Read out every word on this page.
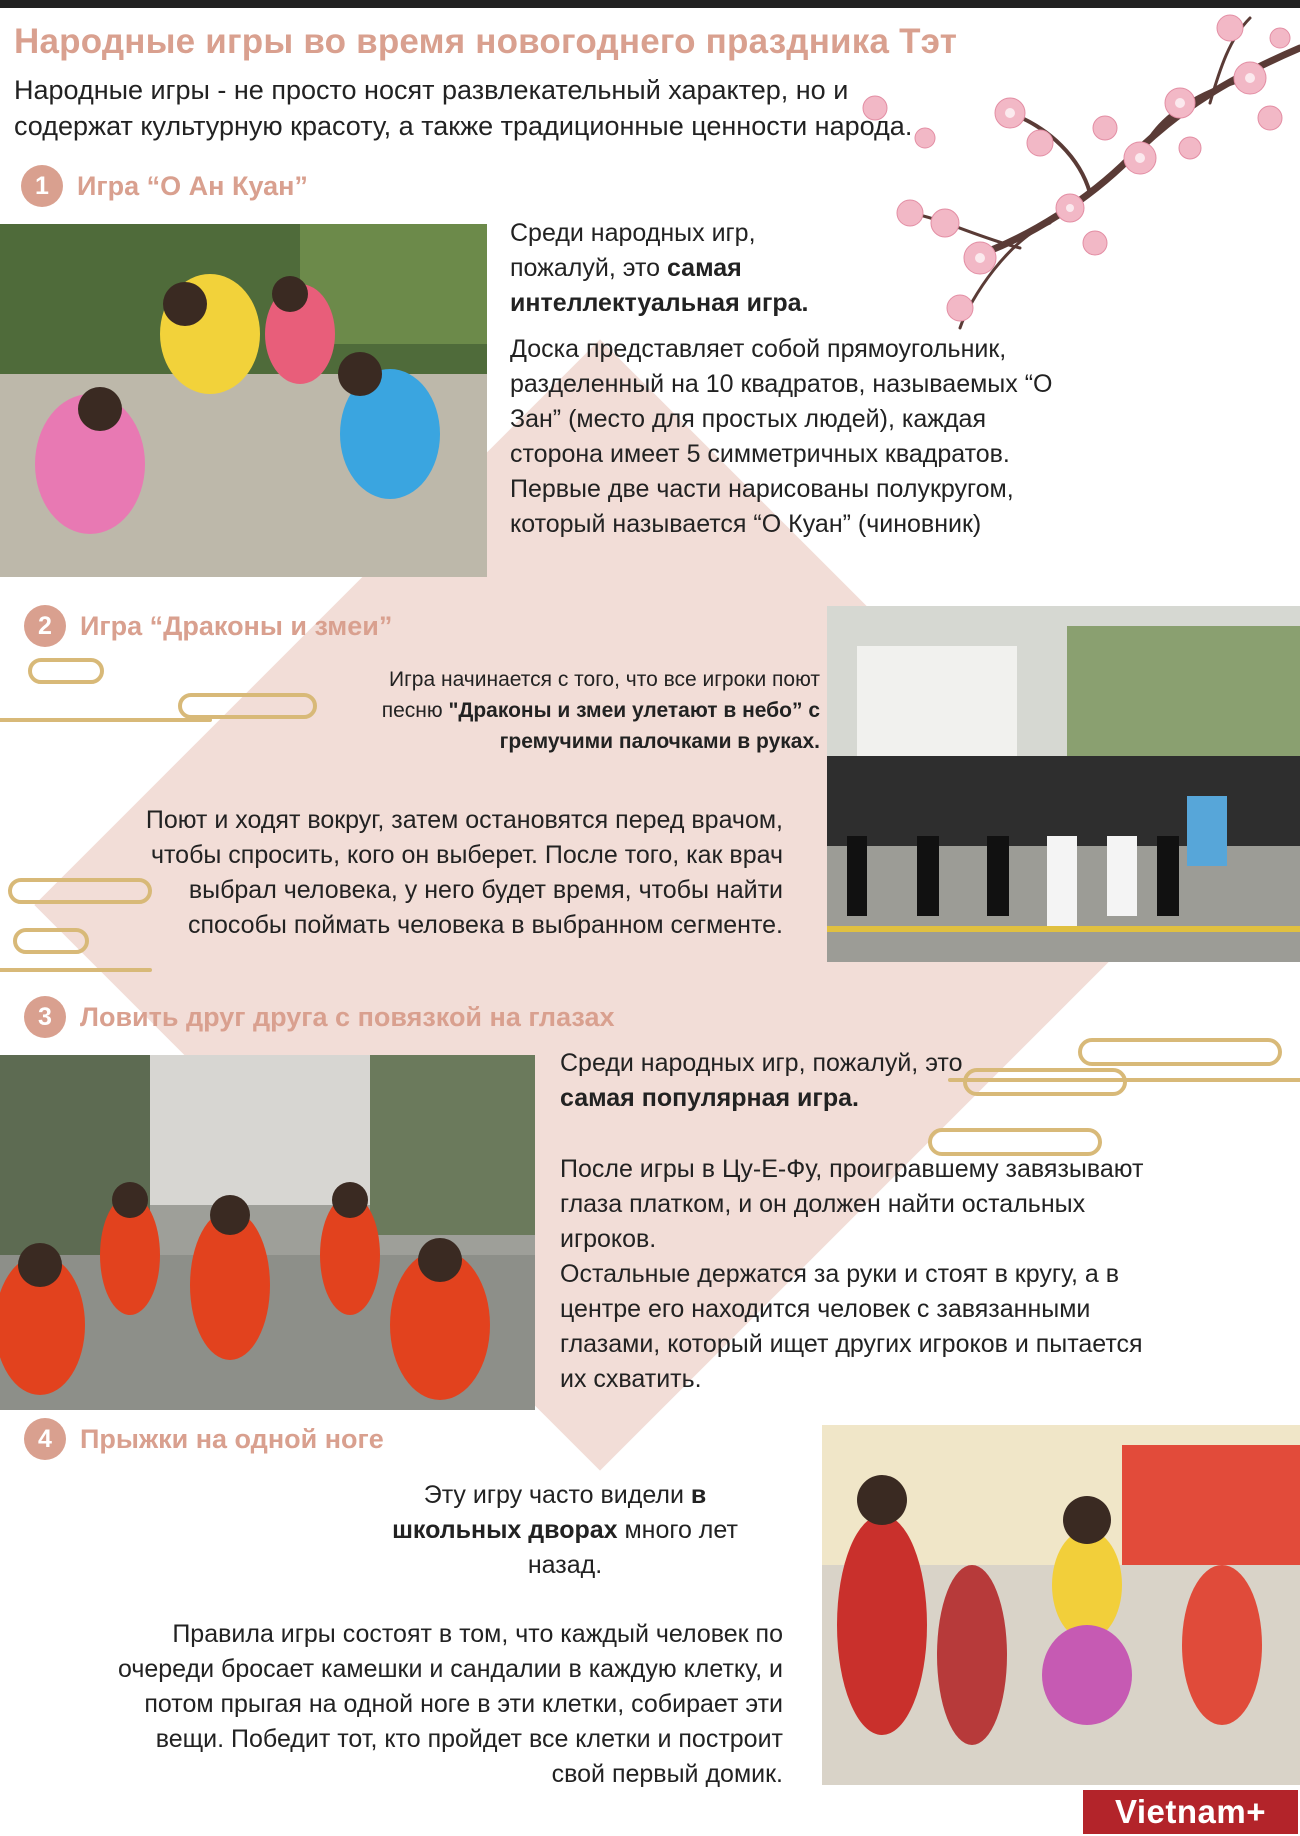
Народные игры во время новогоднего праздника Тэт
Народные игры - не просто носят развлекательный характер, но и содержат культурную красоту, а также традиционные ценности народа.
1	Игра “О Ан Куан”
Среди народных игр, пожалуй, это самая интеллектуальная игра.
Доска представляет собой прямоугольник, разделенный на 10 квадратов, называемых “О Зан” (место для простых людей), каждая сторона имеет 5 симметричных квадратов. Первые две части нарисованы полукругом, который называется “О Куан” (чиновник)
2	Игра “Драконы и змеи”
Игра начинается с того, что все игроки поют песню "Драконы и змеи улетают в небо” с гремучими палочками в руках.
Поют и ходят вокруг, затем остановятся перед врачом, чтобы спросить, кого он выберет. После того, как врач выбрал человека, у него будет время, чтобы найти способы поймать человека в выбранном сегменте.
3	Ловить друг друга с повязкой на глазах
Среди народных игр, пожалуй, это самая популярная игра.
После игры в Цу-Е-Фу, проигравшему завязывают глаза платком, и он должен найти остальных игроков.
Остальные держатся за руки и стоят в кругу, а в центре его находится человек с завязанными глазами, который ищет других игроков и пытается их схватить.
4	Прыжки на одной ноге
Эту игру часто видели в школьных дворах много лет назад.
Правила игры состоят в том, что каждый человек по очереди бросает камешки и сандалии в каждую клетку, и потом прыгая на одной ноге в эти клетки, собирает эти вещи. Победит тот, кто пройдет все клетки и построит свой первый домик.
Vietnam+
